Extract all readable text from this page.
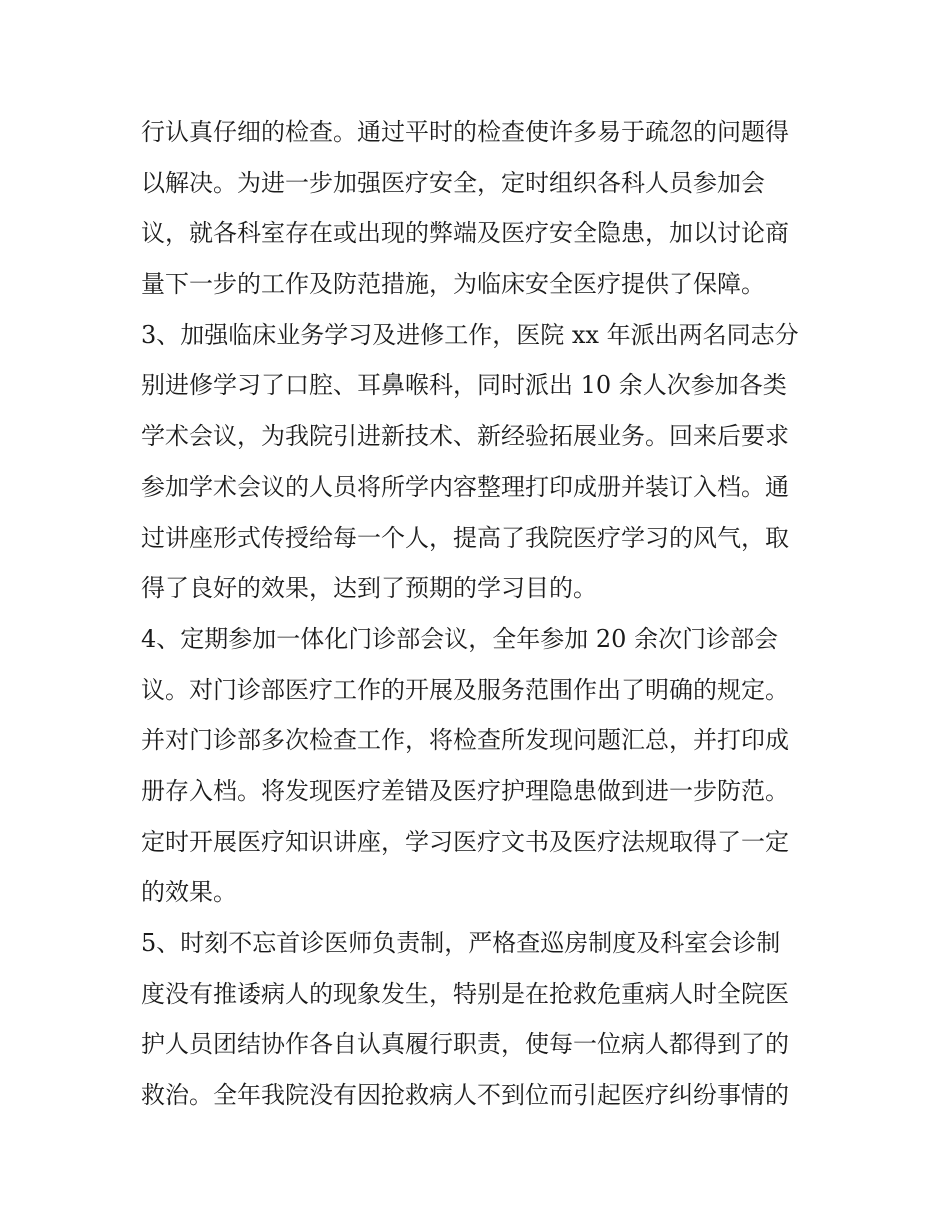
行认真仔细的检查。通过平时的检查使许多易于疏忽的问题得
以解决。为进一步加强医疗安全，定时组织各科人员参加会
议，就各科室存在或出现的弊端及医疗安全隐患，加以讨论商
量下一步的工作及防范措施，为临床安全医疗提供了保障。
3、加强临床业务学习及进修工作，医院 xx 年派出两名同志分
别进修学习了口腔、耳鼻喉科，同时派出 10 余人次参加各类
学术会议，为我院引进新技术、新经验拓展业务。回来后要求
参加学术会议的人员将所学内容整理打印成册并装订入档。通
过讲座形式传授给每一个人，提高了我院医疗学习的风气，取
得了良好的效果，达到了预期的学习目的。
4、定期参加一体化门诊部会议，全年参加 20 余次门诊部会
议。对门诊部医疗工作的开展及服务范围作出了明确的规定。
并对门诊部多次检查工作，将检查所发现问题汇总，并打印成
册存入档。将发现医疗差错及医疗护理隐患做到进一步防范。
定时开展医疗知识讲座，学习医疗文书及医疗法规取得了一定
的效果。
5、时刻不忘首诊医师负责制，严格查巡房制度及科室会诊制
度没有推诿病人的现象发生，特别是在抢救危重病人时全院医
护人员团结协作各自认真履行职责，使每一位病人都得到了的
救治。全年我院没有因抢救病人不到位而引起医疗纠纷事情的
